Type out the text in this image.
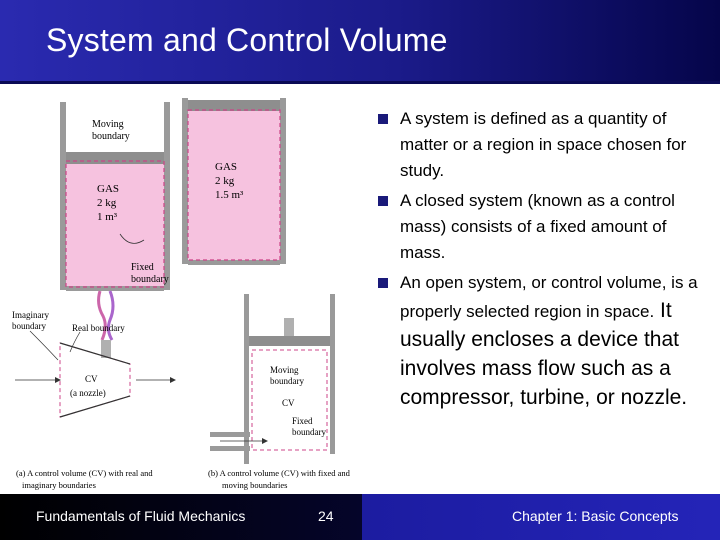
System and Control Volume
Moving
boundary
GAS
2 kg
1 m³
Fixed
boundary
GAS
2 kg
1.5 m³
Imaginary
boundary	Real boundary
CV
(a nozzle)
(a) A control volume (CV) with real and
imaginary boundaries
Moving
boundary
CV
Fixed
boundary
(b) A control volume (CV) with fixed and
moving boundaries
A system is defined as a quantity of matter or a region in space chosen for study.
A closed system (known as a control mass) consists of a fixed amount of mass.
An open system, or control volume, is a properly selected region in space. It usually encloses a device that involves mass flow such as a compressor, turbine, or nozzle.
Fundamentals of Fluid Mechanics	24	Chapter 1: Basic Concepts
